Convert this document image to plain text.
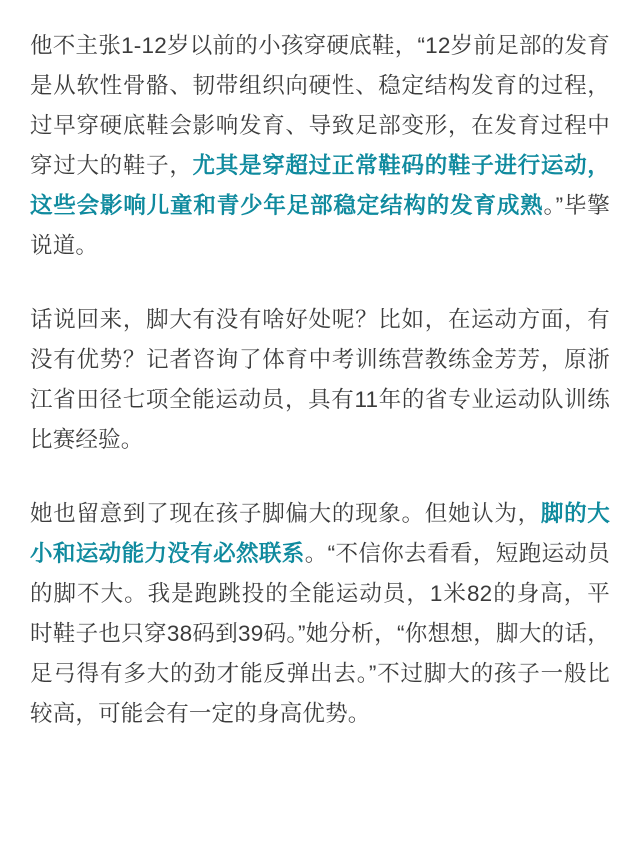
他不主张1-12岁以前的小孩穿硬底鞋，“12岁前足部的发育是从软性骨骼、韧带组织向硬性、稳定结构发育的过程，过早穿硬底鞋会影响发育、导致足部变形，在发育过程中穿过大的鞋子，尤其是穿超过正常鞋码的鞋子进行运动，这些会影响儿童和青少年足部稳定结构的发育成熟。”毕擎说道。

话说回来，脚大有没有啥好处呢？比如，在运动方面，有没有优势？记者咨询了体育中考训练营教练金芳芳，原浙江省田径七项全能运动员，具有11年的省专业运动队训练比赛经验。

她也留意到了现在孩子脚偏大的现象。但她认为，脚的大小和运动能力没有必然联系。“不信你去看看，短跑运动员的脚不大。我是跑跳投的全能运动员，1米82的身高，平时鞋子也只穿38码到39码。”她分析，“你想想，脚大的话，足弓得有多大的劲才能反弹出去。”不过脚大的孩子一般比较高，可能会有一定的身高优势。
